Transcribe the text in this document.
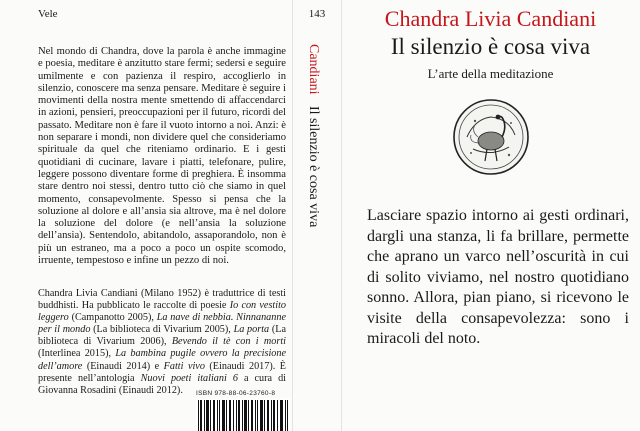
Vele
Nel mondo di Chandra, dove la parola è anche immagine e poesia, meditare è anzitutto stare fermi; sedersi e seguire umilmente e con pazienza il respiro, accoglierlo in silenzio, conoscere ma senza pensare. Meditare è seguire i movimenti della nostra mente smettendo di affaccendarci in azioni, pensieri, preoccupazioni per il futuro, ricordi del passato. Meditare non è fare il vuoto intorno a noi. Anzi: è non separare i mondi, non dividere quel che consideriamo spirituale da quel che riteniamo ordinario. E i gesti quotidiani di cucinare, lavare i piatti, telefonare, pulire, leggere possono diventare forme di preghiera. È insomma stare dentro noi stessi, dentro tutto ciò che siamo in quel momento, consapevolmente. Spesso si pensa che la soluzione al dolore e all’ansia sia altrove, ma è nel dolore la soluzione del dolore (e nell’ansia la soluzione dell’ansia). Sentendolo, abitandolo, assaporandolo, non è più un estraneo, ma a poco a poco un ospite scomodo, irruente, tempestoso e infine un pezzo di noi.
Chandra Livia Candiani (Milano 1952) è traduttrice di testi buddhisti. Ha pubblicato le raccolte di poesie Io con vestito leggero (Campanotto 2005), La nave di nebbia. Ninnananne per il mondo (La biblioteca di Vivarium 2005), La porta (La biblioteca di Vivarium 2006), Bevendo il tè con i morti (Interlinea 2015), La bambina pugile ovvero la precisione dell’amore (Einaudi 2014) e Fatti vivo (Einaudi 2017). È presente nell’antologia Nuovi poeti italiani 6 a cura di Giovanna Rosadini (Einaudi 2012).	ISBN 978-88-06-23760-8
143
Candiani Il silenzio è cosa viva
Chandra Livia Candiani
Il silenzio è cosa viva
L’arte della meditazione
Lasciare spazio intorno ai gesti ordinari, dargli una stanza, li fa brillare, permette che aprano un varco nell’oscurità in cui di solito viviamo, nel nostro quotidiano sonno. Allora, pian piano, si ricevono le visite della consapevolezza: sono i miracoli del noto.
